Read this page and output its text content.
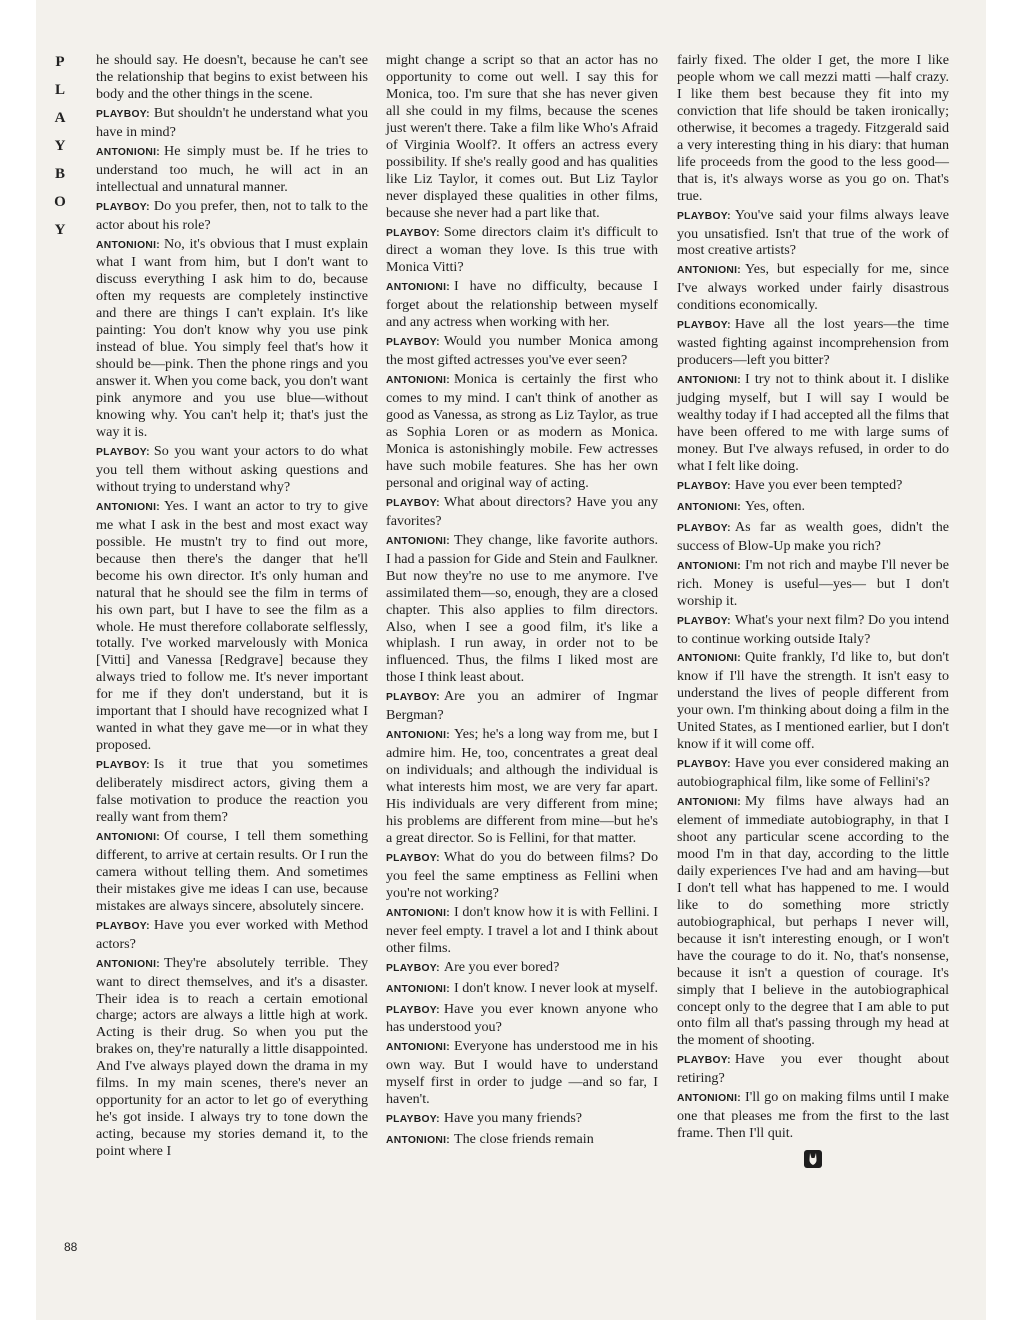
P
L
A
Y
B
O
Y

he should say. He doesn't, because he can't see the relationship that begins to exist between his body and the other things in the scene.

PLAYBOY: But shouldn't he understand what you have in mind?

ANTONIONI: He simply must be. If he tries to understand too much, he will act in an intellectual and unnatural manner.

PLAYBOY: Do you prefer, then, not to talk to the actor about his role?

ANTONIONI: No, it's obvious that I must explain what I want from him, but I don't want to discuss everything I ask him to do, because often my requests are completely instinctive and there are things I can't explain. It's like painting: You don't know why you use pink instead of blue. You simply feel that's how it should be—pink. Then the phone rings and you answer it. When you come back, you don't want pink anymore and you use blue—without knowing why. You can't help it; that's just the way it is.

PLAYBOY: So you want your actors to do what you tell them without asking questions and without trying to understand why?

ANTONIONI: Yes. I want an actor to try to give me what I ask in the best and most exact way possible. He mustn't try to find out more, because then there's the danger that he'll become his own director. It's only human and natural that he should see the film in terms of his own part, but I have to see the film as a whole. He must therefore collaborate selflessly, totally. I've worked marvelously with Monica [Vitti] and Vanessa [Redgrave] because they always tried to follow me. It's never important for me if they don't understand, but it is important that I should have recognized what I wanted in what they gave me—or in what they proposed.

PLAYBOY: Is it true that you sometimes deliberately misdirect actors, giving them a false motivation to produce the reaction you really want from them?

ANTONIONI: Of course, I tell them something different, to arrive at certain results. Or I run the camera without telling them. And sometimes their mistakes give me ideas I can use, because mistakes are always sincere, absolutely sincere.

PLAYBOY: Have you ever worked with Method actors?

ANTONIONI: They're absolutely terrible. They want to direct themselves, and it's a disaster. Their idea is to reach a certain emotional charge; actors are always a little high at work. Acting is their drug. So when you put the brakes on, they're naturally a little disappointed. And I've always played down the drama in my films. In my main scenes, there's never an opportunity for an actor to let go of everything he's got inside. I always try to tone down the acting, because my stories demand it, to the point where I

might change a script so that an actor has no opportunity to come out well. I say this for Monica, too. I'm sure that she has never given all she could in my films, because the scenes just weren't there. Take a film like Who's Afraid of Virginia Woolf?. It offers an actress every possibility. If she's really good and has qualities like Liz Taylor, it comes out. But Liz Taylor never displayed these qualities in other films, because she never had a part like that.

PLAYBOY: Some directors claim it's difficult to direct a woman they love. Is this true with Monica Vitti?

ANTONIONI: I have no difficulty, because I forget about the relationship between myself and any actress when working with her.

PLAYBOY: Would you number Monica among the most gifted actresses you've ever seen?

ANTONIONI: Monica is certainly the first who comes to my mind. I can't think of another as good as Vanessa, as strong as Liz Taylor, as true as Sophia Loren or as modern as Monica. Monica is astonishingly mobile. Few actresses have such mobile features. She has her own personal and original way of acting.

PLAYBOY: What about directors? Have you any favorites?

ANTONIONI: They change, like favorite authors. I had a passion for Gide and Stein and Faulkner. But now they're no use to me anymore. I've assimilated them—so, enough, they are a closed chapter. This also applies to film directors. Also, when I see a good film, it's like a whiplash. I run away, in order not to be influenced. Thus, the films I liked most are those I think least about.

PLAYBOY: Are you an admirer of Ingmar Bergman?

ANTONIONI: Yes; he's a long way from me, but I admire him. He, too, concentrates a great deal on individuals; and although the individual is what interests him most, we are very far apart. His individuals are very different from mine; his problems are different from mine—but he's a great director. So is Fellini, for that matter.

PLAYBOY: What do you do between films? Do you feel the same emptiness as Fellini when you're not working?

ANTONIONI: I don't know how it is with Fellini. I never feel empty. I travel a lot and I think about other films.

PLAYBOY: Are you ever bored?

ANTONIONI: I don't know. I never look at myself.

PLAYBOY: Have you ever known anyone who has understood you?

ANTONIONI: Everyone has understood me in his own way. But I would have to understand myself first in order to judge —and so far, I haven't.

PLAYBOY: Have you many friends?

ANTONIONI: The close friends remain

fairly fixed. The older I get, the more I like people whom we call mezzi matti —half crazy. I like them best because they fit into my conviction that life should be taken ironically; otherwise, it becomes a tragedy. Fitzgerald said a very interesting thing in his diary: that human life proceeds from the good to the less good—that is, it's always worse as you go on. That's true.

PLAYBOY: You've said your films always leave you unsatisfied. Isn't that true of the work of most creative artists?

ANTONIONI: Yes, but especially for me, since I've always worked under fairly disastrous conditions economically.

PLAYBOY: Have all the lost years—the time wasted fighting against incomprehension from producers—left you bitter?

ANTONIONI: I try not to think about it. I dislike judging myself, but I will say I would be wealthy today if I had accepted all the films that have been offered to me with large sums of money. But I've always refused, in order to do what I felt like doing.

PLAYBOY: Have you ever been tempted?

ANTONIONI: Yes, often.

PLAYBOY: As far as wealth goes, didn't the success of Blow-Up make you rich?

ANTONIONI: I'm not rich and maybe I'll never be rich. Money is useful—yes— but I don't worship it.

PLAYBOY: What's your next film? Do you intend to continue working outside Italy?

ANTONIONI: Quite frankly, I'd like to, but don't know if I'll have the strength. It isn't easy to understand the lives of people different from your own. I'm thinking about doing a film in the United States, as I mentioned earlier, but I don't know if it will come off.

PLAYBOY: Have you ever considered making an autobiographical film, like some of Fellini's?

ANTONIONI: My films have always had an element of immediate autobiography, in that I shoot any particular scene according to the mood I'm in that day, according to the little daily experiences I've had and am having—but I don't tell what has happened to me. I would like to do something more strictly autobiographical, but perhaps I never will, because it isn't interesting enough, or I won't have the courage to do it. No, that's nonsense, because it isn't a question of courage. It's simply that I believe in the autobiographical concept only to the degree that I am able to put onto film all that's passing through my head at the moment of shooting.

PLAYBOY: Have you ever thought about retiring?

ANTONIONI: I'll go on making films until I make one that pleases me from the first to the last frame. Then I'll quit.

88
